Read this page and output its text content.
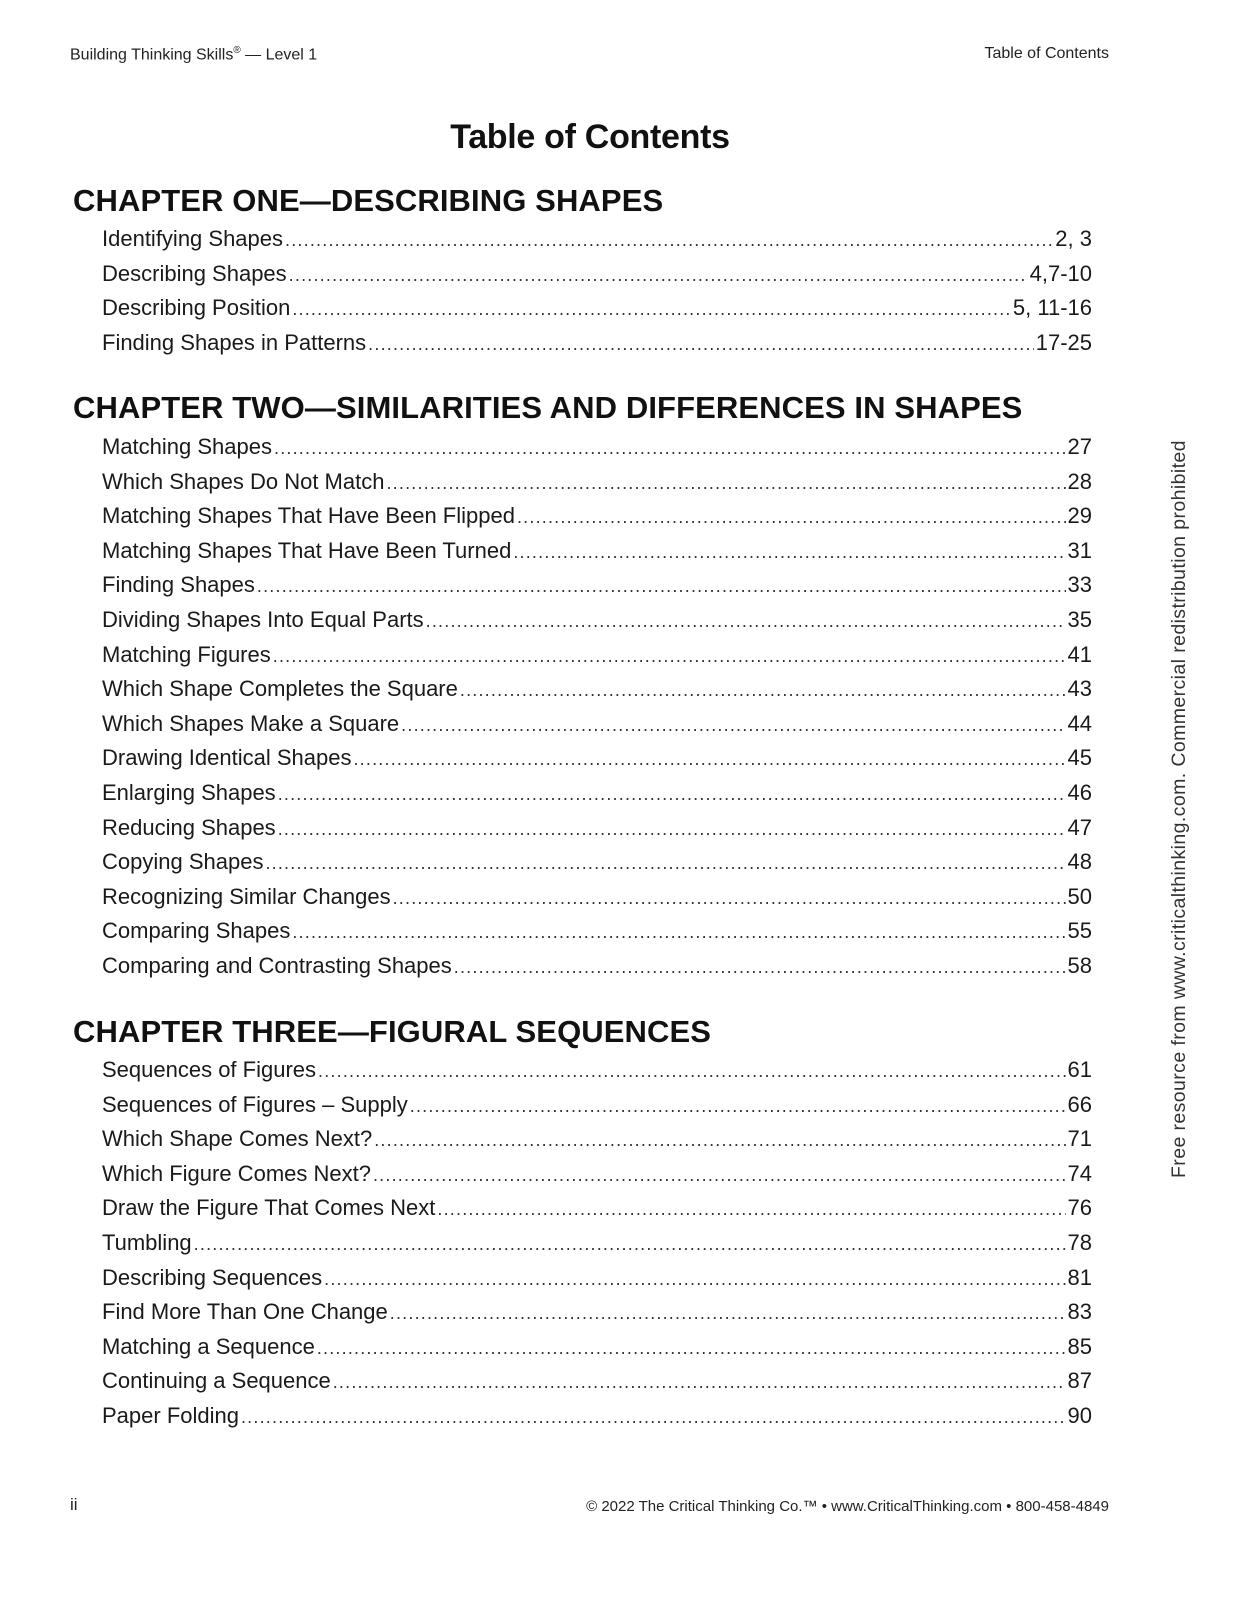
Building Thinking Skills® — Level 1	Table of Contents
Table of Contents
CHAPTER ONE—DESCRIBING SHAPES
Identifying Shapes .....	2, 3
Describing Shapes .....	4,7-10
Describing Position .....	5, 11-16
Finding Shapes in Patterns .....	17-25
CHAPTER TWO—SIMILARITIES AND DIFFERENCES IN SHAPES
Matching Shapes .....	27
Which Shapes Do Not Match .....	28
Matching Shapes That Have Been Flipped .....	29
Matching Shapes That Have Been Turned .....	31
Finding Shapes .....	33
Dividing Shapes Into Equal Parts .....	35
Matching Figures .....	41
Which Shape Completes the Square .....	43
Which Shapes Make a Square .....	44
Drawing Identical Shapes .....	45
Enlarging Shapes .....	46
Reducing Shapes .....	47
Copying Shapes .....	48
Recognizing Similar Changes .....	50
Comparing Shapes .....	55
Comparing and Contrasting Shapes .....	58
CHAPTER THREE—FIGURAL SEQUENCES
Sequences of Figures .....	61
Sequences of Figures – Supply .....	66
Which Shape Comes Next? .....	71
Which Figure Comes Next? .....	74
Draw the Figure That Comes Next .....	76
Tumbling .....	78
Describing Sequences .....	81
Find More Than One Change .....	83
Matching a Sequence .....	85
Continuing a Sequence .....	87
Paper Folding .....	90
Free resource from www.criticalthinking.com. Commercial redistribution prohibited
ii	© 2022 The Critical Thinking Co.™ • www.CriticalThinking.com • 800-458-4849
